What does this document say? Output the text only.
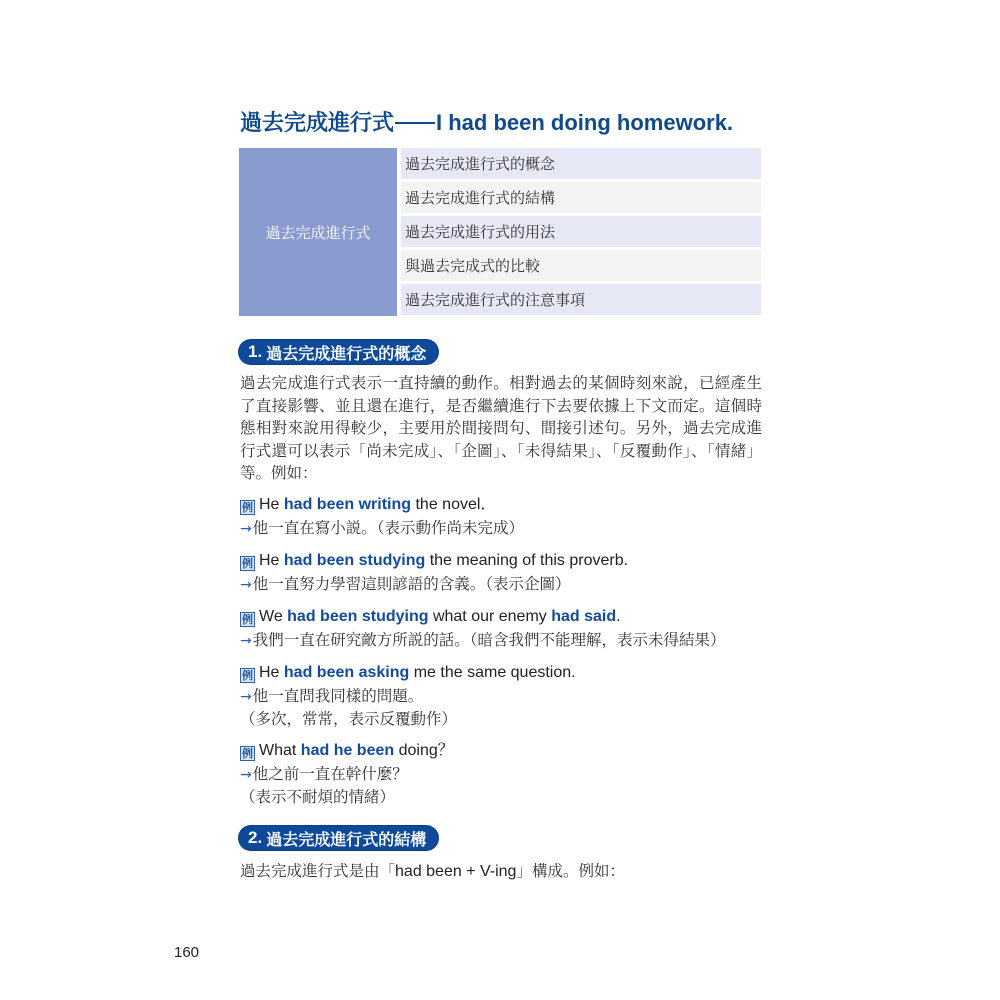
過去完成進行式 I had been doing homework.
過去完成進行式
過去完成進行式的概念
過去完成進行式的結構
過去完成進行式的用法
與過去完成式的比較
過去完成進行式的注意事項
1. 過去完成進行式的概念
過去完成進行式表示一直持續的動作。相對過去的某個時刻來說，已經產生了直接影響、並且還在進行，是否繼續進行下去要依據上下文而定。這個時態相對來說用得較少，主要用於間接問句、間接引述句。另外，過去完成進行式還可以表示「尚未完成」、「企圖」、「未得結果」、「反覆動作」、「情緒」等。例如：
例 He had been writing the novel．
→他一直在寫小説。（表示動作尚未完成）
例 He had been studying the meaning of this proverb.
→他一直努力學習這則諺語的含義。（表示企圖）
例 We had been studying what our enemy had said.
→我們一直在研究敵方所説的話。（暗含我們不能理解，表示未得結果）
例 He had been asking me the same question.
→他一直問我同樣的問題。
（多次，常常，表示反覆動作）
例 What had he been doing？
→他之前一直在幹什麼？
（表示不耐煩的情緒）
2. 過去完成進行式的結構
過去完成進行式是由「had been + V-ing」構成。例如：
160
